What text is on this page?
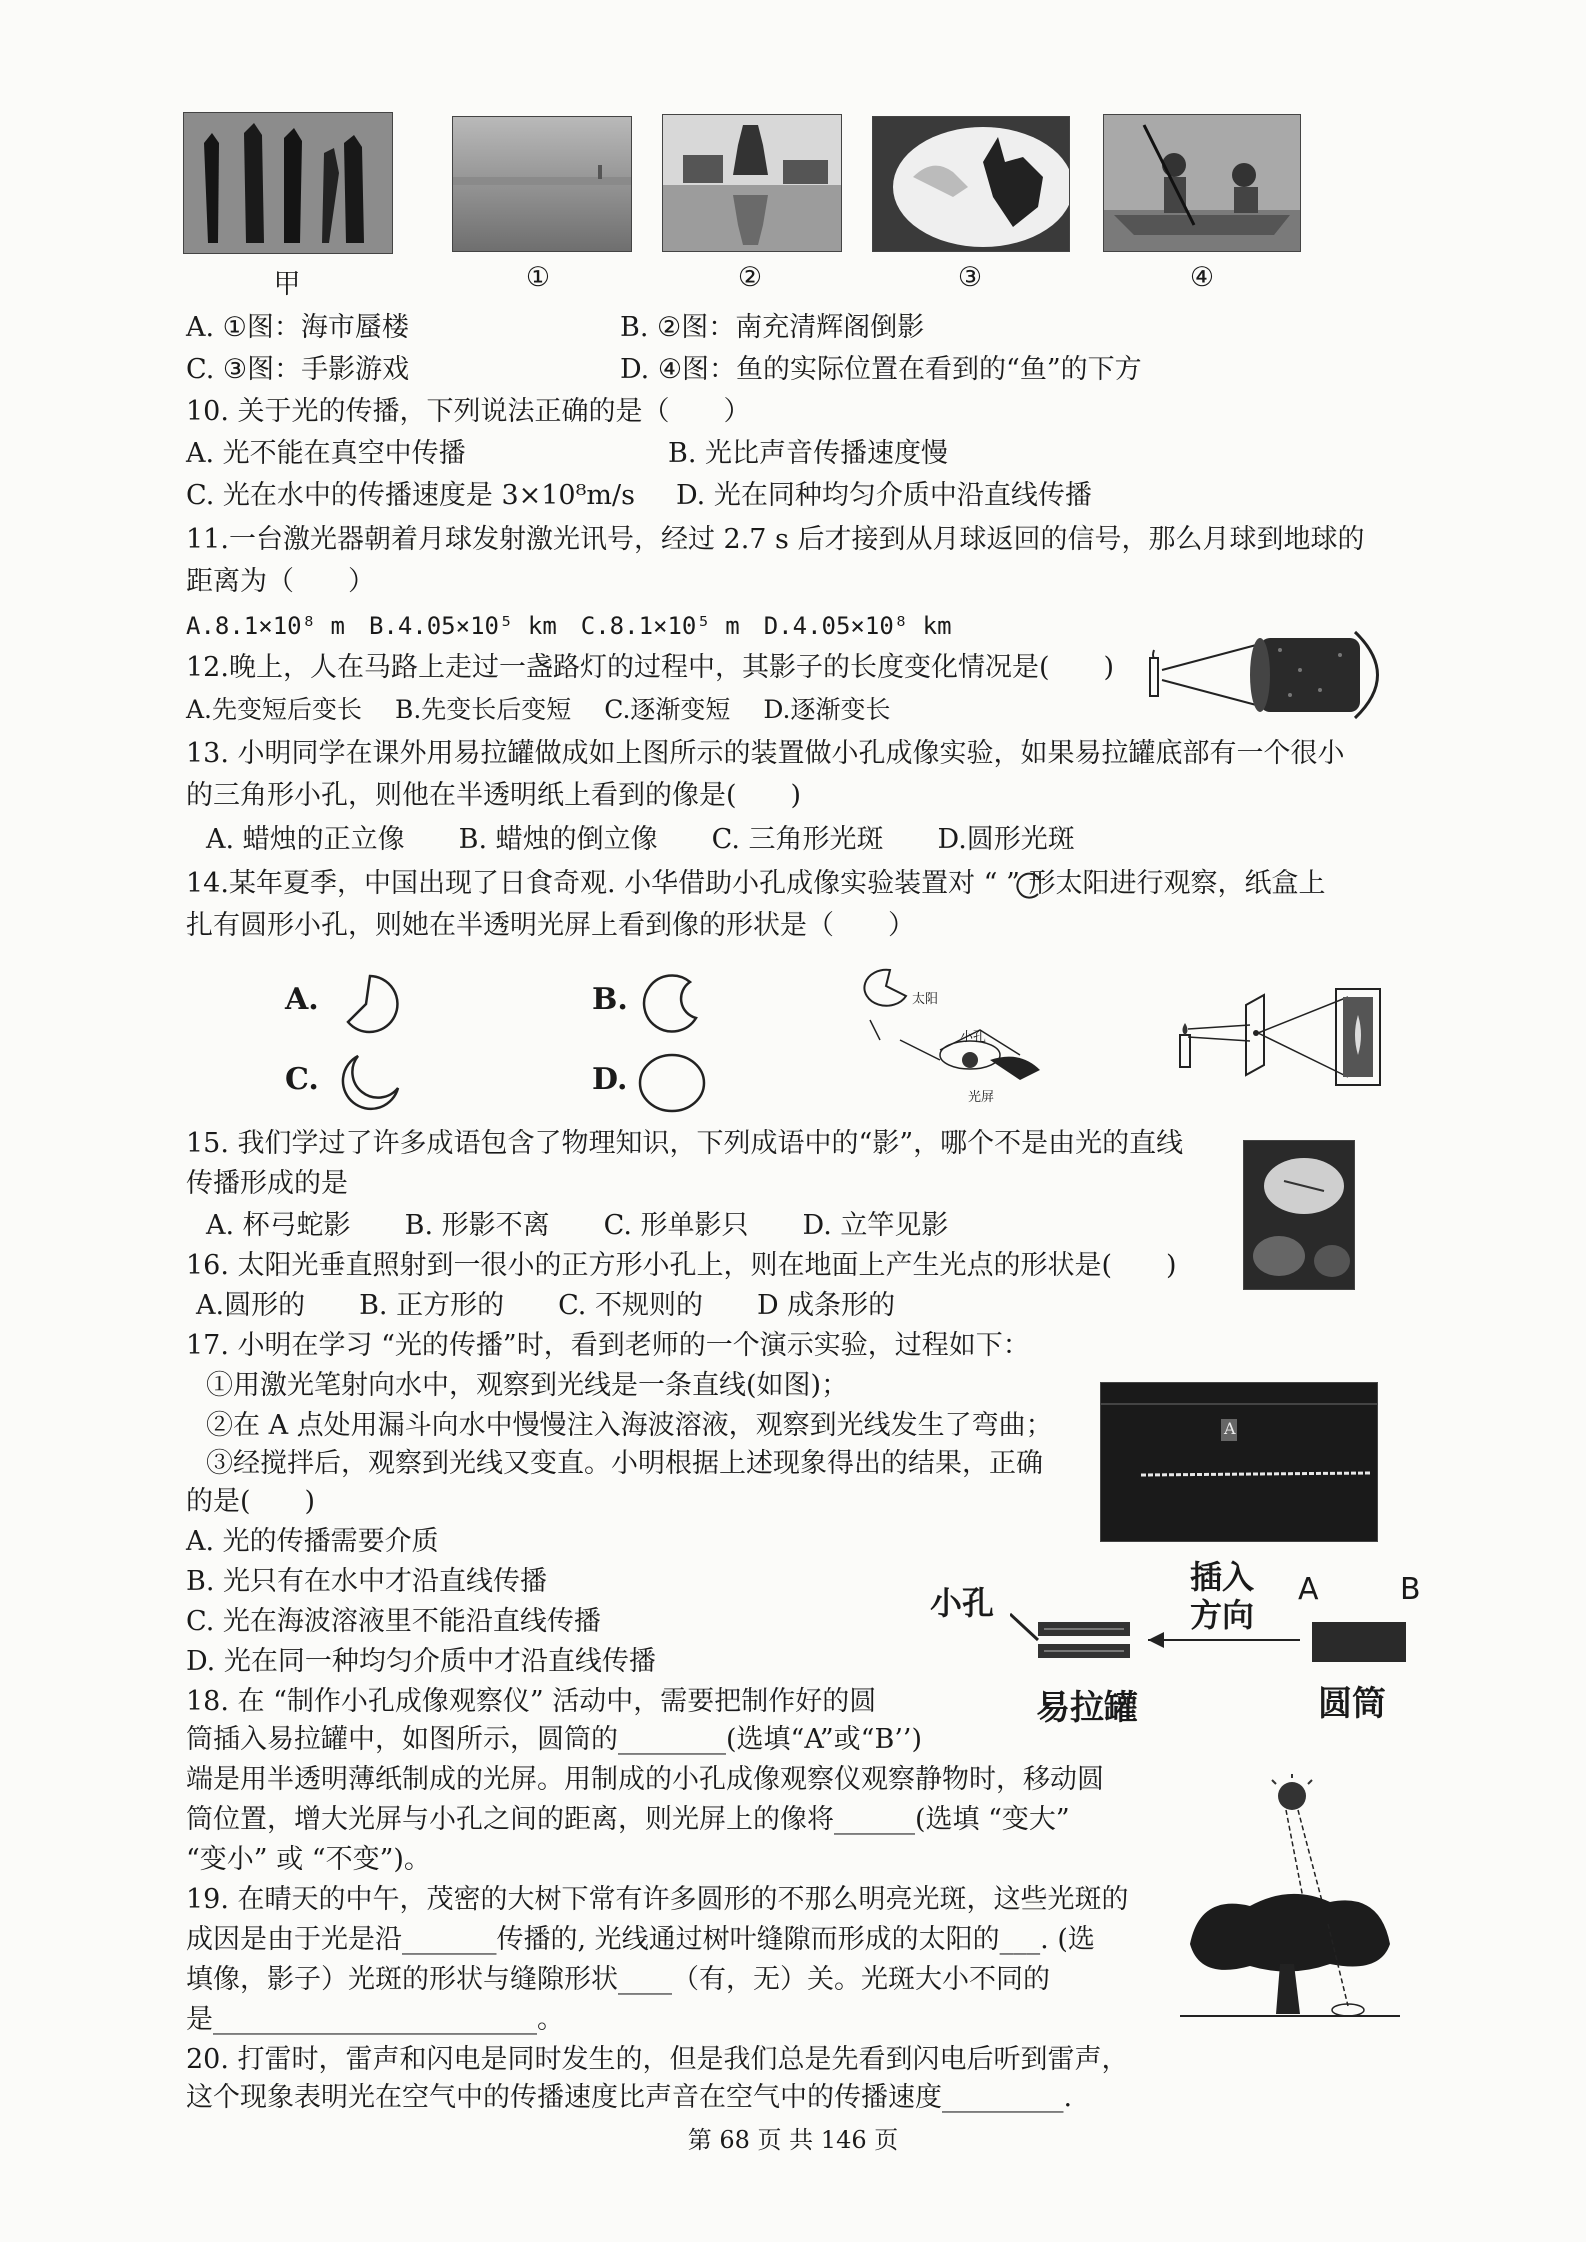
甲	①	②	③	④
A. ①图：海市蜃楼	B. ②图：南充清辉阁倒影
C. ③图：手影游戏	D. ④图：鱼的实际位置在看到的“鱼”的下方
10. 关于光的传播，下列说法正确的是（　　）
A. 光不能在真空中传播	B. 光比声音传播速度慢
C. 光在水中的传播速度是 3×10⁸m/s D. 光在同种均匀介质中沿直线传播
11.一台激光器朝着月球发射激光讯号，经过 2.7 s 后才接到从月球返回的信号，那么月球到地球的
距离为（　　）
A.8.1×10⁸ m　B.4.05×10⁵ km　C.8.1×10⁵ m　D.4.05×10⁸ km
12.晚上，人在马路上走过一盏路灯的过程中，其影子的长度变化情况是(　　)
A.先变短后变长　 B.先变长后变短　 C.逐渐变短　 D.逐渐变长
13. 小明同学在课外用易拉罐做成如上图所示的装置做小孔成像实验，如果易拉罐底部有一个很小
的三角形小孔，则他在半透明纸上看到的像是(　　)
A. 蜡烛的正立像　　B. 蜡烛的倒立像　　C. 三角形光斑　　D.圆形光斑
14.某年夏季，中国出现了日食奇观. 小华借助小孔成像实验装置对 “ ” 形太阳进行观察，纸盒上
扎有圆形小孔，则她在半透明光屏上看到像的形状是（　　）
A.	B.
C.	D.
太阳
小孔
光屏
15. 我们学过了许多成语包含了物理知识，下列成语中的“影”，哪个不是由光的直线
传播形成的是
A. 杯弓蛇影　　B. 形影不离　　C. 形单影只　　D. 立竿见影
16. 太阳光垂直照射到一很小的正方形小孔上，则在地面上产生光点的形状是(　　)
A.圆形的　　B. 正方形的　　C. 不规则的　　D 成条形的
17. 小明在学习 “光的传播”时，看到老师的一个演示实验，过程如下：
①用激光笔射向水中，观察到光线是一条直线(如图)；
②在 A 点处用漏斗向水中慢慢注入海波溶液，观察到光线发生了弯曲；
③经搅拌后，观察到光线又变直。小明根据上述现象得出的结果，正确
的是(　　)
A. 光的传播需要介质
B. 光只有在水中才沿直线传播
C. 光在海波溶液里不能沿直线传播
D. 光在同一种均匀介质中才沿直线传播
A
小孔
插入
方向
A	B
易拉罐	圆筒
18. 在 “制作小孔成像观察仪” 活动中，需要把制作好的圆
筒插入易拉罐中，如图所示，圆筒的________(选填“A”或“B’’)
端是用半透明薄纸制成的光屏。用制成的小孔成像观察仪观察静物时，移动圆
筒位置，增大光屏与小孔之间的距离，则光屏上的像将______(选填 “变大”
“变小” 或 “不变”)。
19. 在晴天的中午，茂密的大树下常有许多圆形的不那么明亮光斑，这些光斑的
成因是由于光是沿_______传播的, 光线通过树叶缝隙而形成的太阳的___. (选
填像，影子）光斑的形状与缝隙形状____（有，无）关。光斑大小不同的
是________________________。
20. 打雷时，雷声和闪电是同时发生的，但是我们总是先看到闪电后听到雷声，
这个现象表明光在空气中的传播速度比声音在空气中的传播速度_________.
第 68 页 共 146 页
